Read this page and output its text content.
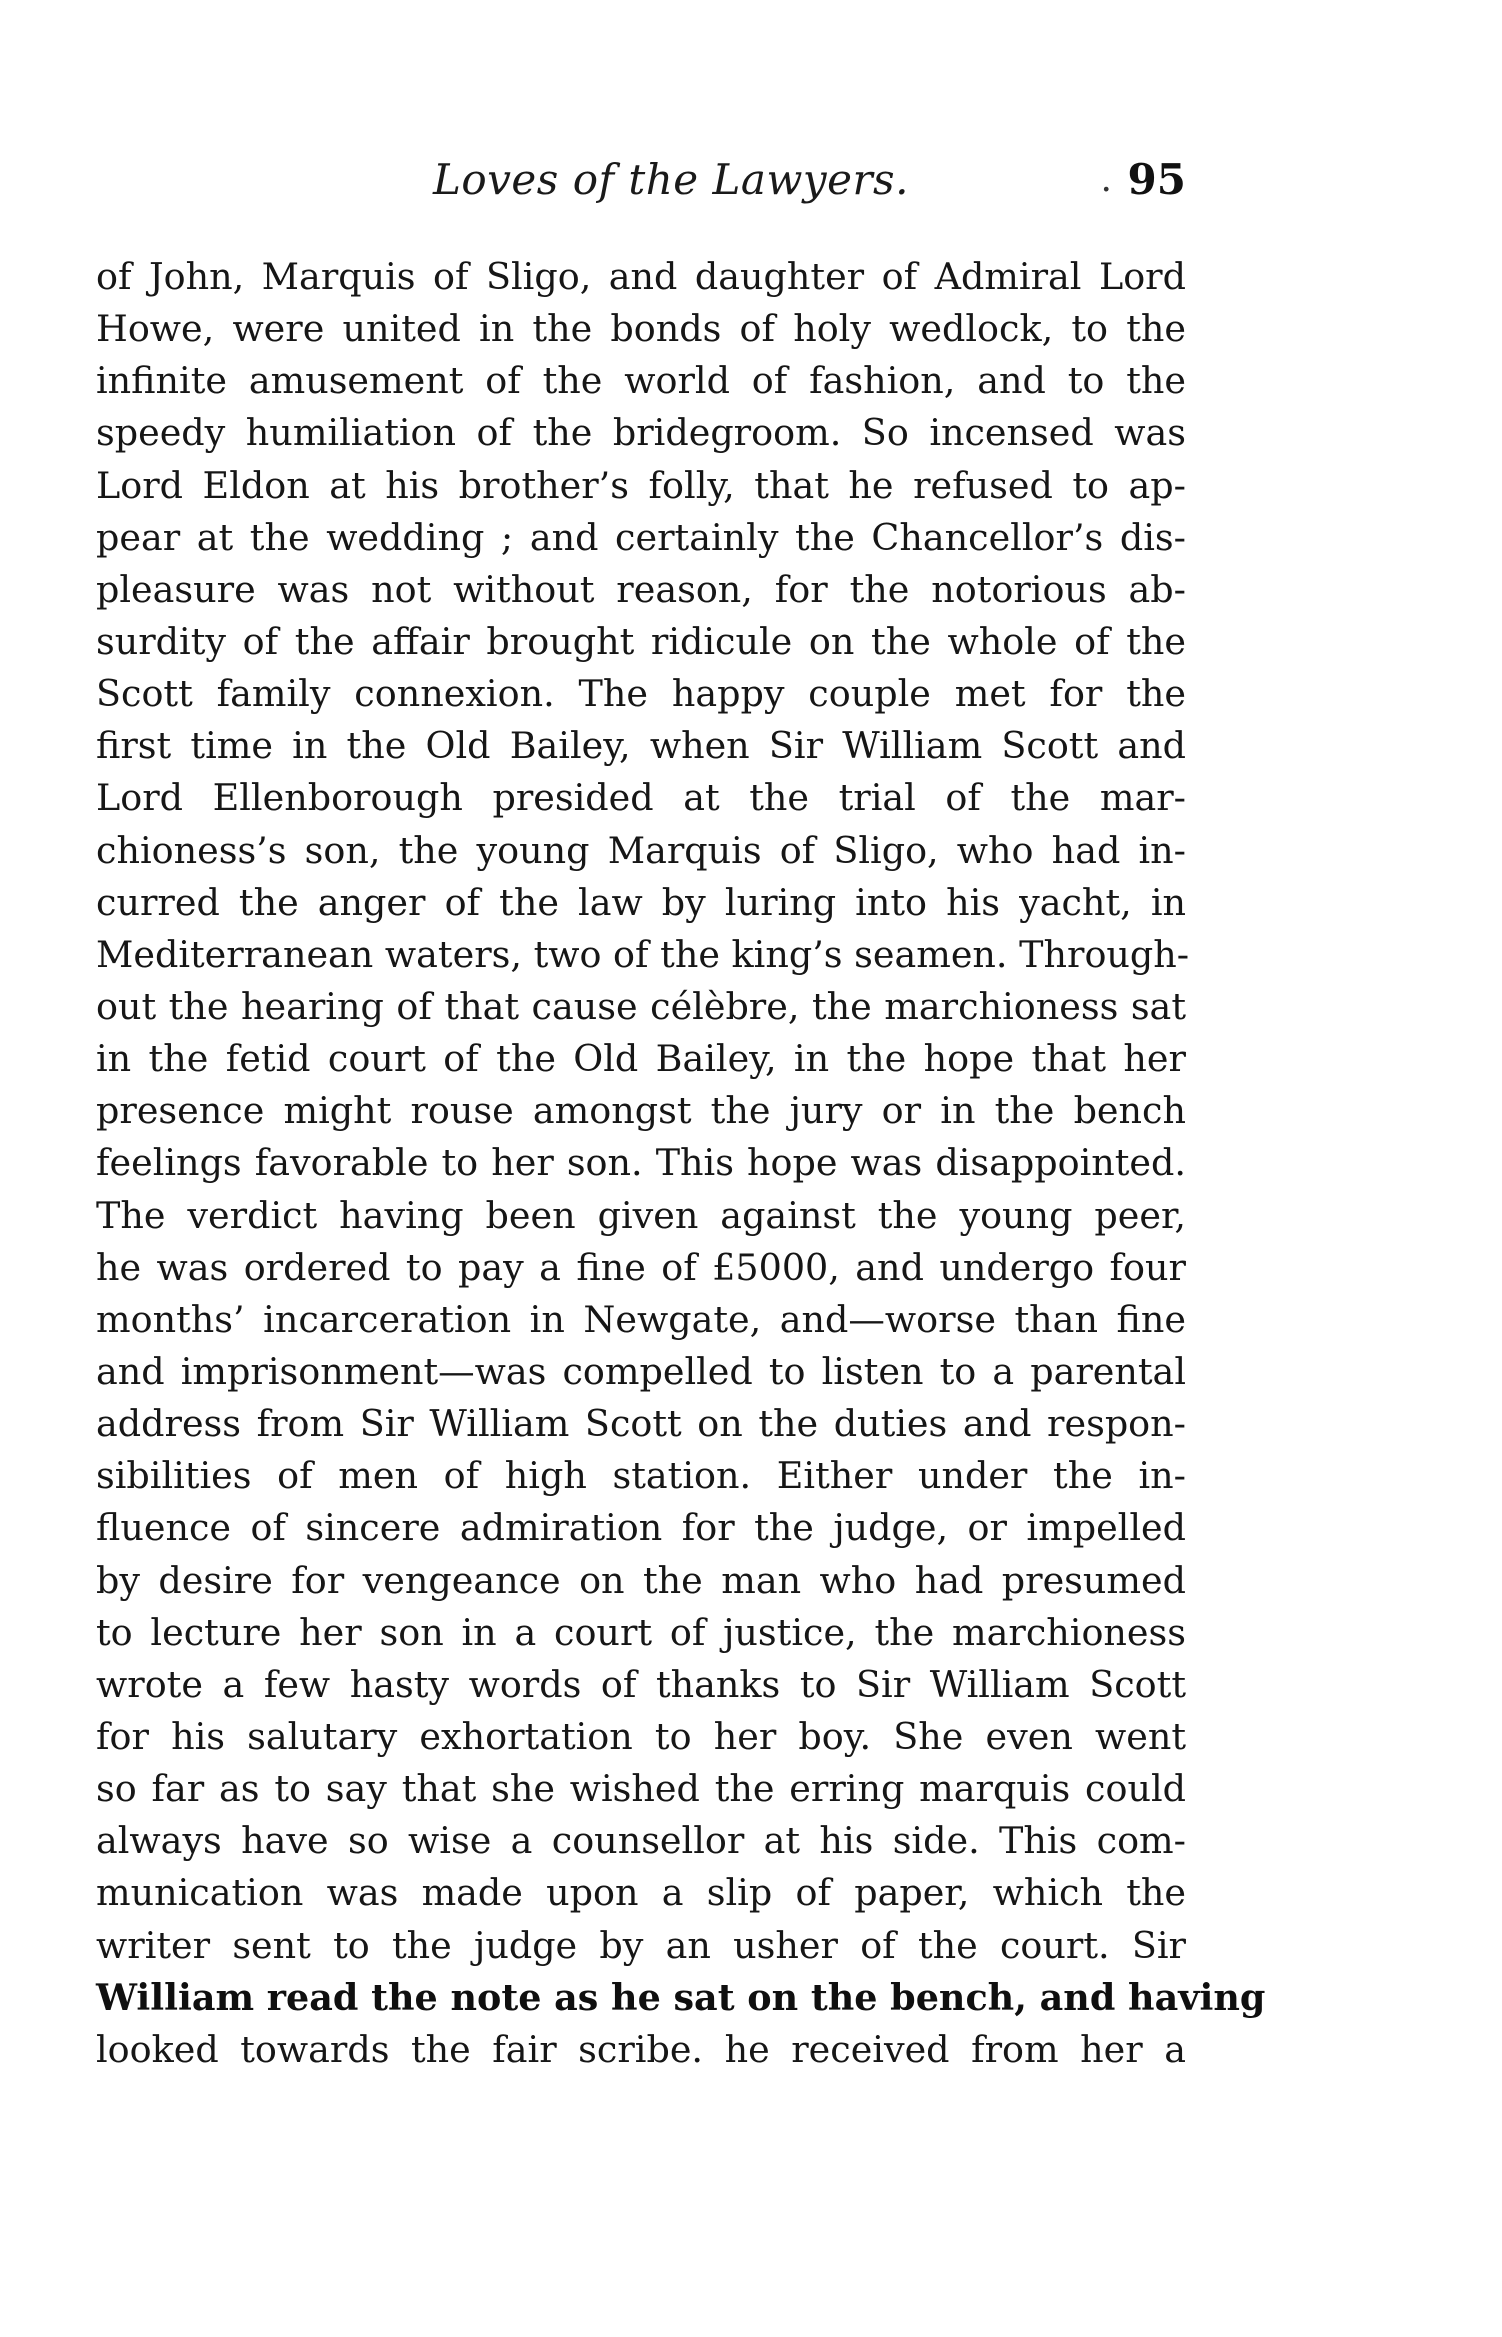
Loves of the Lawyers.	. 95
of John, Marquis of Sligo, and daughter of Admiral Lord
Howe, were united in the bonds of holy wedlock, to the
infinite amusement of the world of fashion, and to the
speedy humiliation of the bridegroom. So incensed was
Lord Eldon at his brother’s folly, that he refused to ap-
pear at the wedding ; and certainly the Chancellor’s dis-
pleasure was not without reason, for the notorious ab-
surdity of the affair brought ridicule on the whole of the
Scott family connexion. The happy couple met for the
first time in the Old Bailey, when Sir William Scott and
Lord Ellenborough presided at the trial of the mar-
chioness’s son, the young Marquis of Sligo, who had in-
curred the anger of the law by luring into his yacht, in
Mediterranean waters, two of the king’s seamen. Through-
out the hearing of that cause célèbre, the marchioness sat
in the fetid court of the Old Bailey, in the hope that her
presence might rouse amongst the jury or in the bench
feelings favorable to her son. This hope was disappointed.
The verdict having been given against the young peer,
he was ordered to pay a fine of £5000, and undergo four
months’ incarceration in Newgate, and—worse than fine
and imprisonment—was compelled to listen to a parental
address from Sir William Scott on the duties and respon-
sibilities of men of high station. Either under the in-
fluence of sincere admiration for the judge, or impelled
by desire for vengeance on the man who had presumed
to lecture her son in a court of justice, the marchioness
wrote a few hasty words of thanks to Sir William Scott
for his salutary exhortation to her boy. She even went
so far as to say that she wished the erring marquis could
always have so wise a counsellor at his side. This com-
munication was made upon a slip of paper, which the
writer sent to the judge by an usher of the court. Sir
William read the note as he sat on the bench, and having
looked towards the fair scribe. he received from her a
